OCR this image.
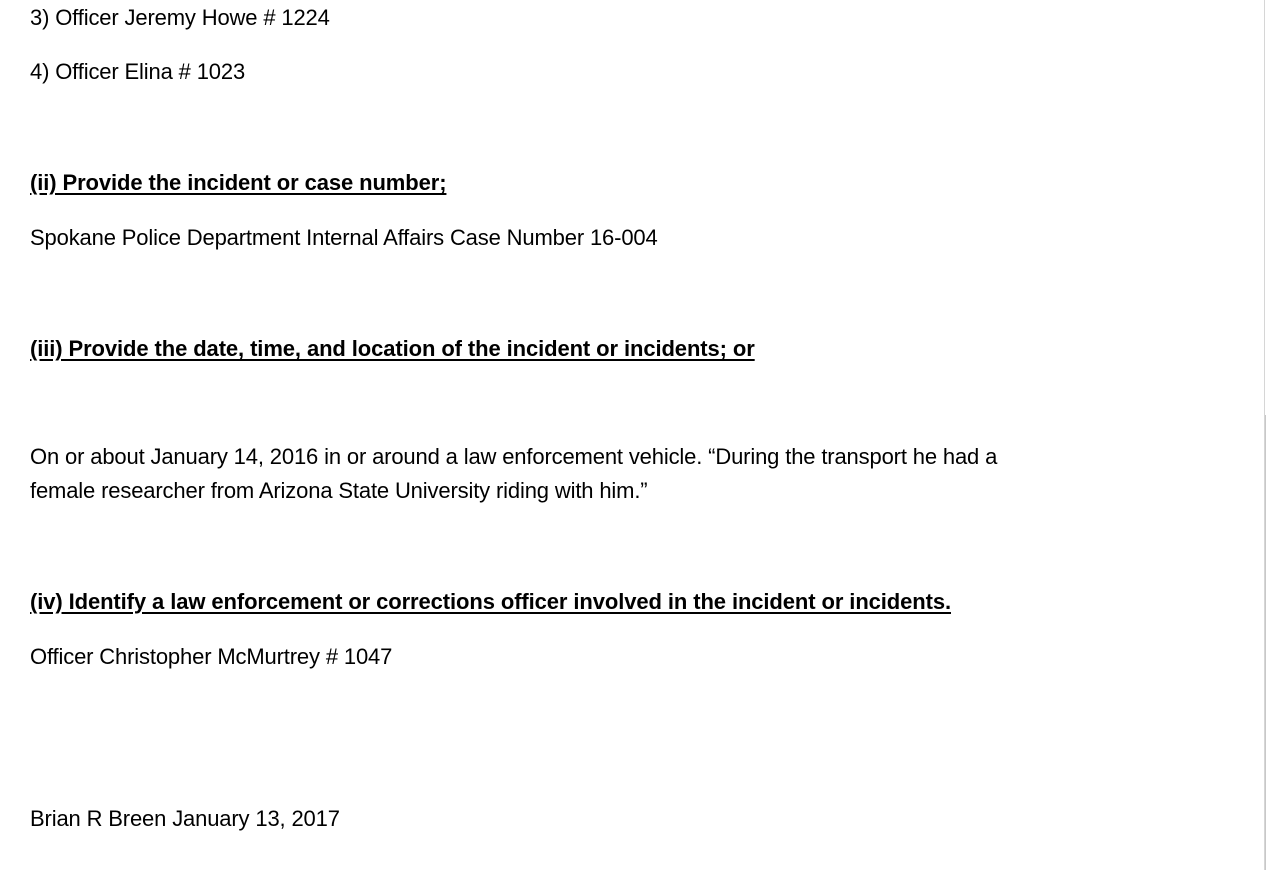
3) Officer Jeremy Howe # 1224

4) Officer Elina # 1023

(ii) Provide the incident or case number;

Spokane Police Department Internal Affairs Case Number 16-004

(iii) Provide the date, time, and location of the incident or incidents; or

On or about January 14, 2016 in or around a law enforcement vehicle. “During the transport he had a
female researcher from Arizona State University riding with him.”

(iv) Identify a law enforcement or corrections officer involved in the incident or incidents.

Officer Christopher McMurtrey # 1047

Brian R Breen January 13, 2017
